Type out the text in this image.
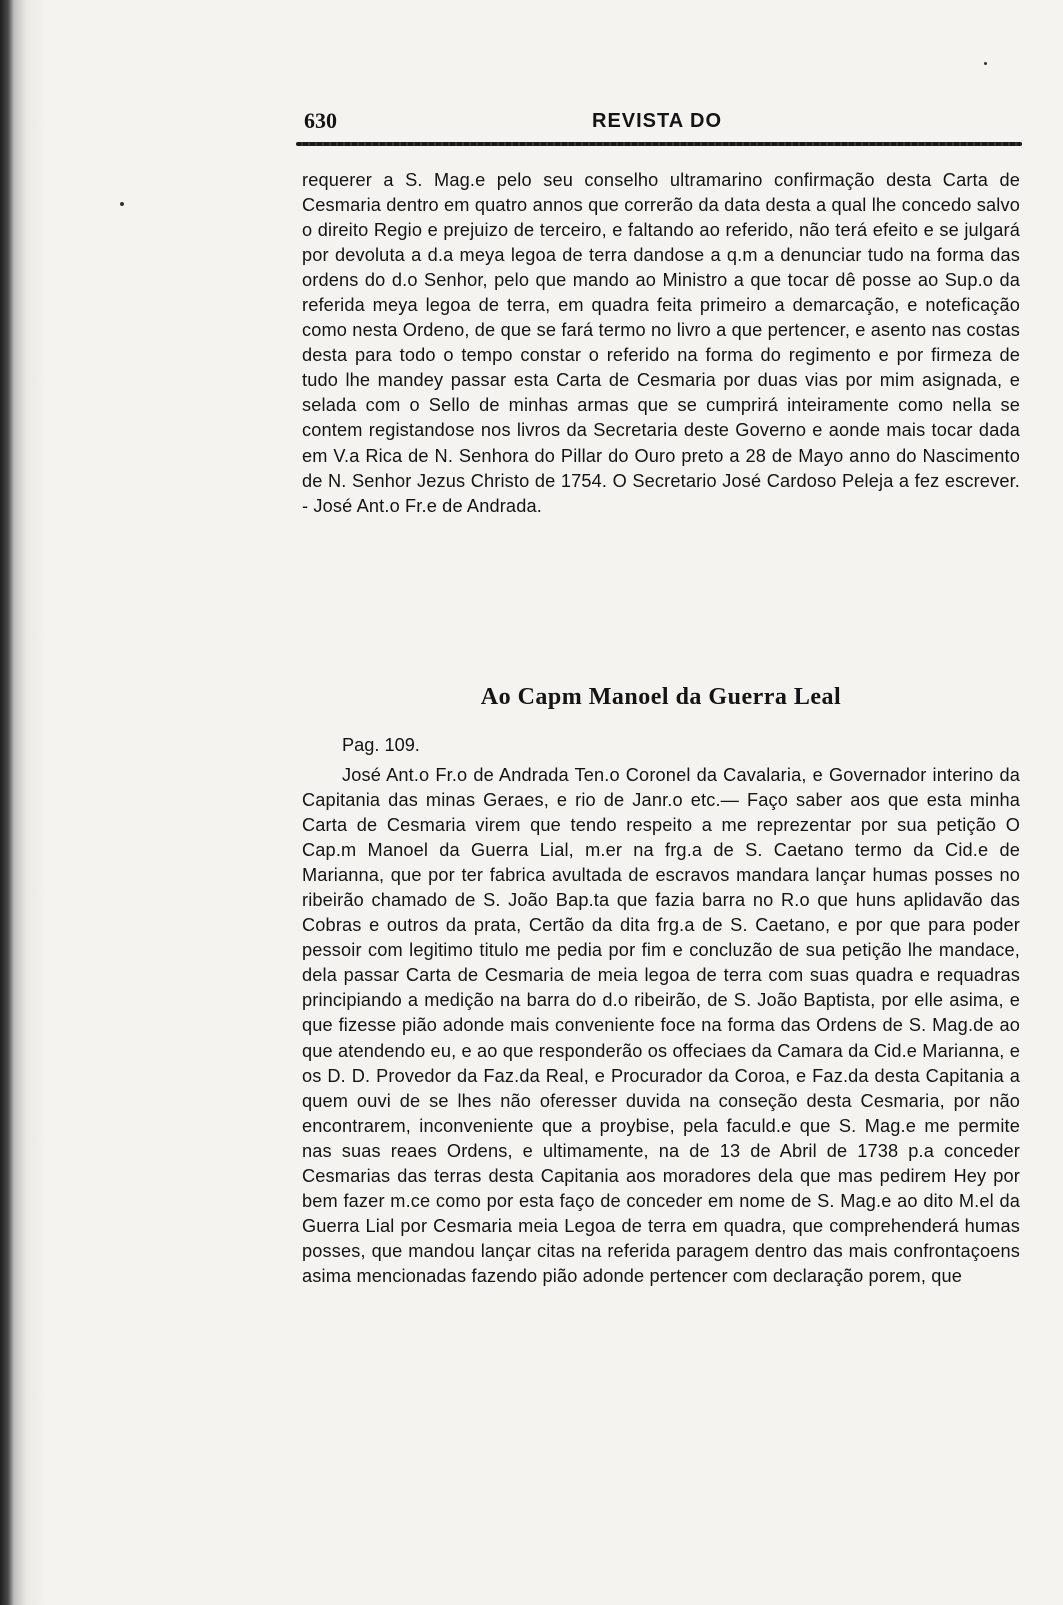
630	REVISTA DO
requerer a S. Mag.e pelo seu conselho ultramarino confirmação desta Carta de Cesmaria dentro em quatro annos que correrão da data desta a qual lhe concedo salvo o direito Regio e prejuizo de terceiro, e faltando ao referido, não terá efeito e se julgará por devoluta a d.a meya legoa de terra dandose a q.m a denunciar tudo na forma das ordens do d.o Senhor, pelo que mando ao Ministro a que tocar dê posse ao Sup.o da referida meya legoa de terra, em quadra feita primeiro a demarcação, e noteficação como nesta Ordeno, de que se fará termo no livro a que pertencer, e asento nas costas desta para todo o tempo constar o referido na forma do regimento e por firmeza de tudo lhe mandey passar esta Carta de Cesmaria por duas vias por mim asignada, e selada com o Sello de minhas armas que se cumprirá inteiramente como nella se contem registandose nos livros da Secretaria deste Governo e aonde mais tocar dada em V.a Rica de N. Senhora do Pillar do Ouro preto a 28 de Mayo anno do Nascimento de N. Senhor Jezus Christo de 1754. O Secretario José Cardoso Peleja a fez escrever. - José Ant.o Fr.e de Andrada.
Ao Capm Manoel da Guerra Leal
Pag. 109.
José Ant.o Fr.o de Andrada Ten.o Coronel da Cavalaria, e Governador interino da Capitania das minas Geraes, e rio de Janr.o etc.— Faço saber aos que esta minha Carta de Cesmaria virem que tendo respeito a me reprezentar por sua petição O Cap.m Manoel da Guerra Lial, m.er na frg.a de S. Caetano termo da Cid.e de Marianna, que por ter fabrica avultada de escravos mandara lançar humas posses no ribeirão chamado de S. João Bap.ta que fazia barra no R.o que huns aplidavão das Cobras e outros da prata, Certão da dita frg.a de S. Caetano, e por que para poder pessoir com legitimo titulo me pedia por fim e concluzão de sua petição lhe mandace, dela passar Carta de Cesmaria de meia legoa de terra com suas quadra e requadras principiando a medição na barra do d.o ribeirão, de S. João Baptista, por elle asima, e que fizesse pião adonde mais conveniente foce na forma das Ordens de S. Mag.de ao que atendendo eu, e ao que responderão os offeciaes da Camara da Cid.e Marianna, e os D. D. Provedor da Faz.da Real, e Procurador da Coroa, e Faz.da desta Capitania a quem ouvi de se lhes não oferesser duvida na conseção desta Cesmaria, por não encontrarem, inconveniente que a proybise, pela faculd.e que S. Mag.e me permite nas suas reaes Ordens, e ultimamente, na de 13 de Abril de 1738 p.a conceder Cesmarias das terras desta Capitania aos moradores dela que mas pedirem Hey por bem fazer m.ce como por esta faço de conceder em nome de S. Mag.e ao dito M.el da Guerra Lial por Cesmaria meia Legoa de terra em quadra, que comprehenderá humas posses, que mandou lançar citas na referida paragem dentro das mais confrontaçoens asima mencionadas fazendo pião adonde pertencer com declaração porem, que
